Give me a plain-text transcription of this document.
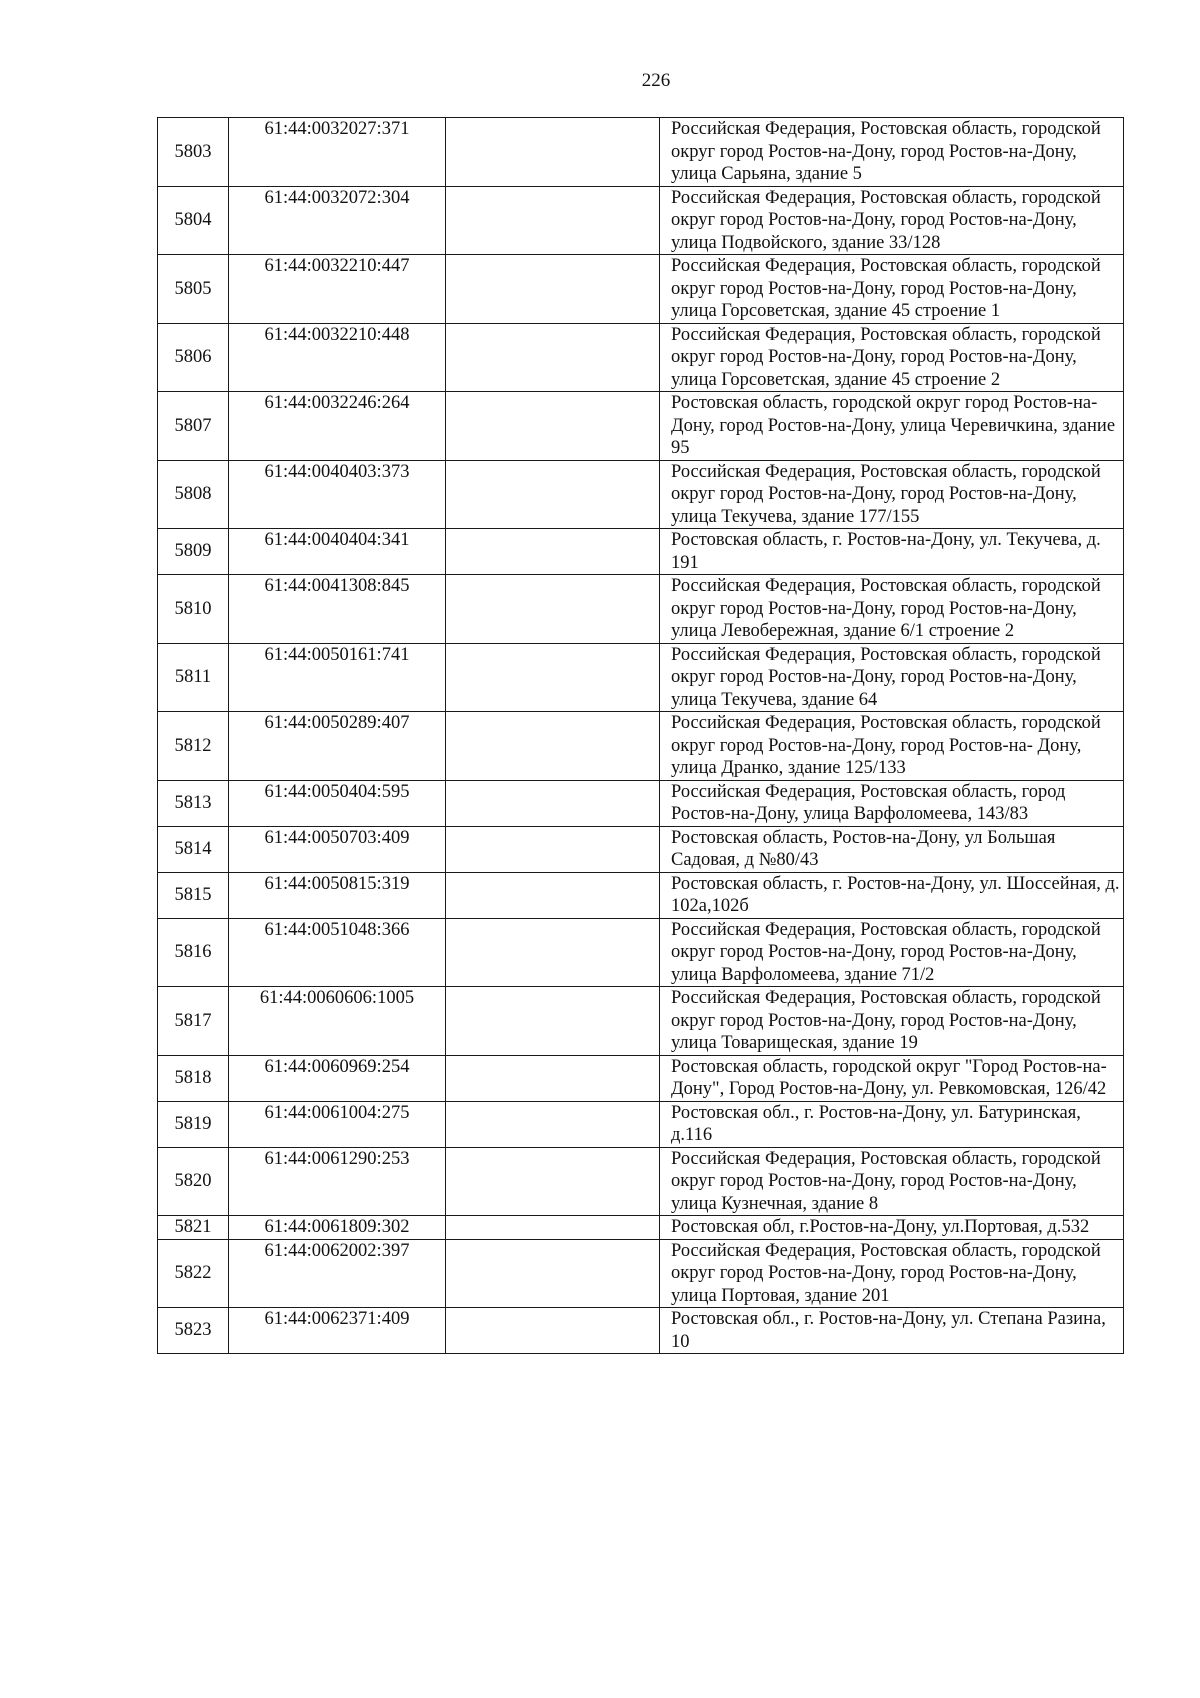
226
5803	61:44:0032027:371		Российская Федерация, Ростовская область, городской округ город Ростов-на-Дону, город Ростов-на-Дону, улица Сарьяна, здание 5
5804	61:44:0032072:304		Российская Федерация, Ростовская область, городской округ город Ростов-на-Дону, город Ростов-на-Дону, улица Подвойского, здание 33/128
5805	61:44:0032210:447		Российская Федерация, Ростовская область, городской округ город Ростов-на-Дону, город Ростов-на-Дону, улица Горсоветская, здание 45 строение 1
5806	61:44:0032210:448		Российская Федерация, Ростовская область, городской округ город Ростов-на-Дону, город Ростов-на-Дону, улица Горсоветская, здание 45 строение 2
5807	61:44:0032246:264		Ростовская область, городской округ город Ростов-на-Дону, город Ростов-на-Дону, улица Черевичкина, здание 95
5808	61:44:0040403:373		Российская Федерация, Ростовская область, городской округ город Ростов-на-Дону, город Ростов-на-Дону, улица Текучева, здание 177/155
5809	61:44:0040404:341		Ростовская область, г. Ростов-на-Дону, ул. Текучева, д. 191
5810	61:44:0041308:845		Российская Федерация, Ростовская область, городской округ город Ростов-на-Дону, город Ростов-на-Дону, улица Левобережная, здание 6/1 строение 2
5811	61:44:0050161:741		Российская Федерация, Ростовская область, городской округ город Ростов-на-Дону, город Ростов-на-Дону, улица Текучева, здание 64
5812	61:44:0050289:407		Российская Федерация, Ростовская область, городской округ город Ростов-на-Дону, город Ростов-на- Дону, улица Дранко, здание 125/133
5813	61:44:0050404:595		Российская Федерация, Ростовская область, город Ростов-на-Дону, улица Варфоломеева, 143/83
5814	61:44:0050703:409		Ростовская область, Ростов-на-Дону, ул Большая Садовая, д №80/43
5815	61:44:0050815:319		Ростовская область, г. Ростов-на-Дону, ул. Шоссейная, д. 102а,102б
5816	61:44:0051048:366		Российская Федерация, Ростовская область, городской округ город Ростов-на-Дону, город Ростов-на-Дону, улица Варфоломеева, здание 71/2
5817	61:44:0060606:1005		Российская Федерация, Ростовская область, городской округ город Ростов-на-Дону, город Ростов-на-Дону, улица Товарищеская, здание 19
5818	61:44:0060969:254		Ростовская область, городской округ "Город Ростов-на-Дону", Город Ростов-на-Дону, ул. Ревкомовская, 126/42
5819	61:44:0061004:275		Ростовская обл., г. Ростов-на-Дону, ул. Батуринская, д.116
5820	61:44:0061290:253		Российская Федерация, Ростовская область, городской округ город Ростов-на-Дону, город Ростов-на-Дону, улица Кузнечная, здание 8
5821	61:44:0061809:302		Ростовская обл, г.Ростов-на-Дону, ул.Портовая, д.532
5822	61:44:0062002:397		Российская Федерация, Ростовская область, городской округ город Ростов-на-Дону, город Ростов-на-Дону, улица Портовая, здание 201
5823	61:44:0062371:409		Ростовская обл., г. Ростов-на-Дону, ул. Степана Разина, 10
